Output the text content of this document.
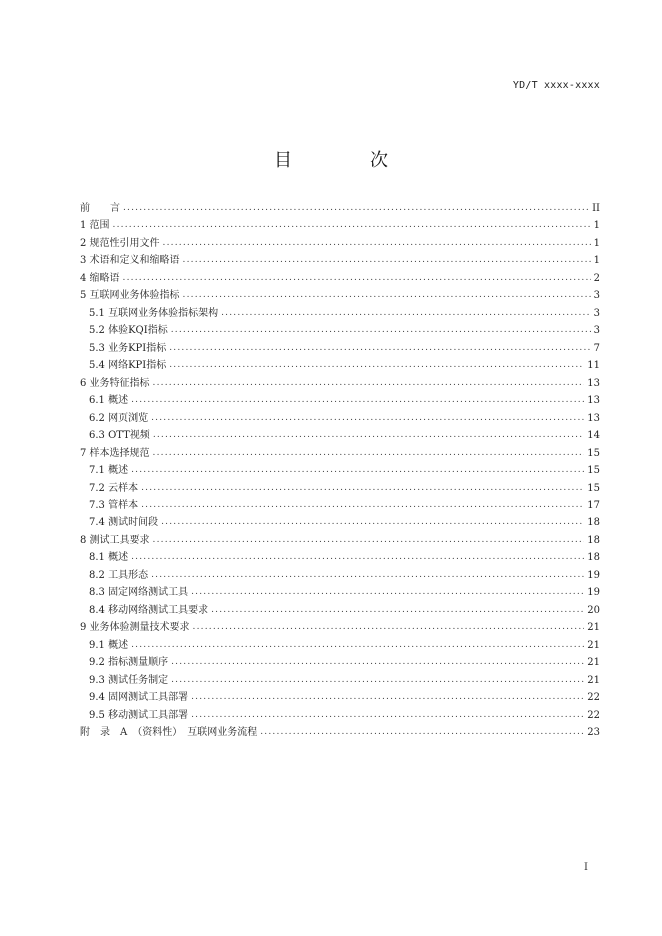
YD/T xxxx-xxxx
目　次
前　　言 .....	II
1 范围 .....	1
2 规范性引用文件 .....	1
3 术语和定义和缩略语 .....	1
4 缩略语 .....	2
5 互联网业务体验指标 .....	3
5.1 互联网业务体验指标架构 .....	3
5.2 体验KQI指标 .....	3
5.3 业务KPI指标 .....	7
5.4 网络KPI指标 .....	11
6 业务特征指标 .....	13
6.1 概述 .....	13
6.2 网页浏览 .....	13
6.3 OTT视频 .....	14
7 样本选择规范 .....	15
7.1 概述 .....	15
7.2 云样本 .....	15
7.3 管样本 .....	17
7.4 测试时间段 .....	18
8 测试工具要求 .....	18
8.1 概述 .....	18
8.2 工具形态 .....	19
8.3 固定网络测试工具 .....	19
8.4 移动网络测试工具要求 .....	20
9 业务体验测量技术要求 .....	21
9.1 概述 .....	21
9.2 指标测量顺序 .....	21
9.3 测试任务制定 .....	21
9.4 固网测试工具部署 .....	22
9.5 移动测试工具部署 .....	22
附　录　A　（资料性）　互联网业务流程 .....	23
I
